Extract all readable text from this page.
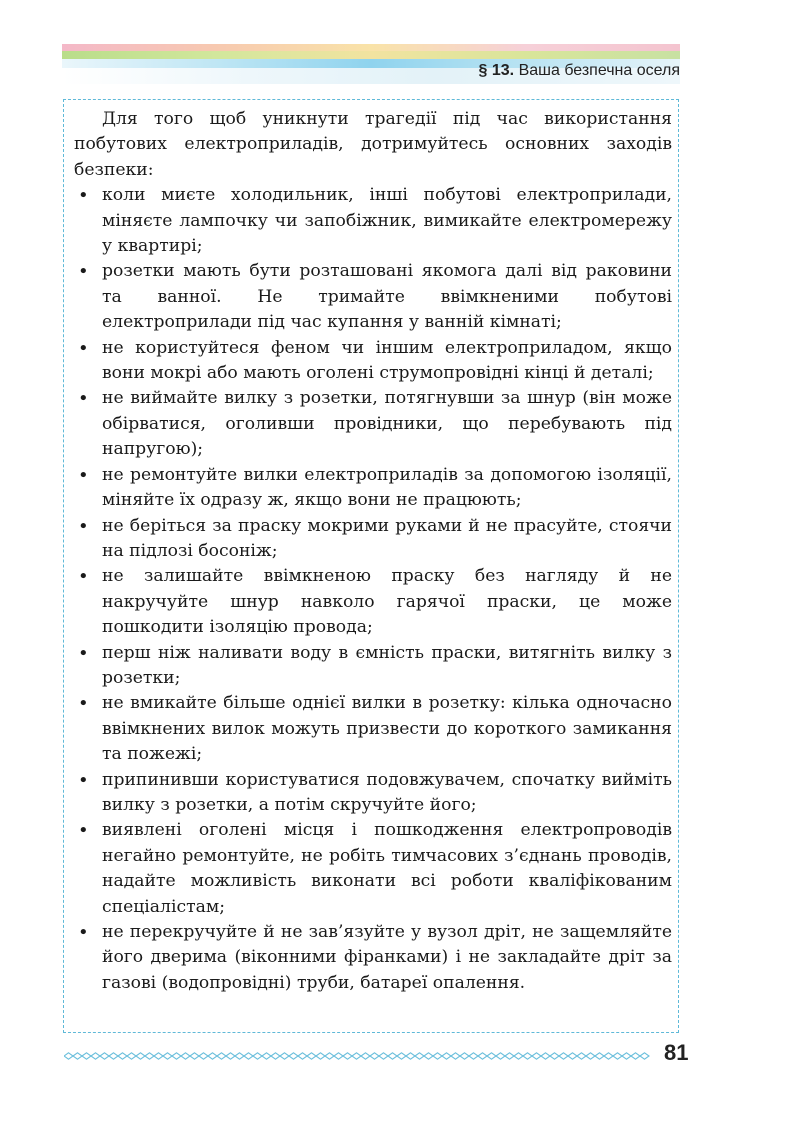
§ 13. Ваша безпечна оселя

Для того щоб уникнути трагедії під час використання побутових електроприладів, дотримуйтесь основних заходів безпеки:

• коли миєте холодильник, інші побутові електроприлади, міняєте лампочку чи запобіжник, вимикайте електромережу у квартирі;
• розетки мають бути розташовані якомога далі від раковини та ванної. Не тримайте ввімкненими побутові електроприлади під час купання у ванній кімнаті;
• не користуйтеся феном чи іншим електроприладом, якщо вони мокрі або мають оголені струмопровідні кінці й деталі;
• не виймайте вилку з розетки, потягнувши за шнур (він може обірватися, оголивши провідники, що перебувають під напругою);
• не ремонтуйте вилки електроприладів за допомогою ізоляції, міняйте їх одразу ж, якщо вони не працюють;
• не беріться за праску мокрими руками й не прасуйте, стоячи на підлозі босоніж;
• не залишайте ввімкненою праску без нагляду й не накручуйте шнур навколо гарячої праски, це може пошкодити ізоляцію провода;
• перш ніж наливати воду в ємність праски, витягніть вилку з розетки;
• не вмикайте більше однієї вилки в розетку: кілька одночасно ввімкнених вилок можуть призвести до короткого замикання та пожежі;
• припинивши користуватися подовжувачем, спочатку вийміть вилку з розетки, а потім скручуйте його;
• виявлені оголені місця і пошкодження електропроводів негайно ремонтуйте, не робіть тимчасових з’єднань проводів, надайте можливість виконати всі роботи кваліфікованим спеціалістам;
• не перекручуйте й не зав’язуйте у вузол дріт, не защемляйте його дверима (віконними фіранками) і не закладайте дріт за газові (водопровідні) труби, батареї опалення.
81
